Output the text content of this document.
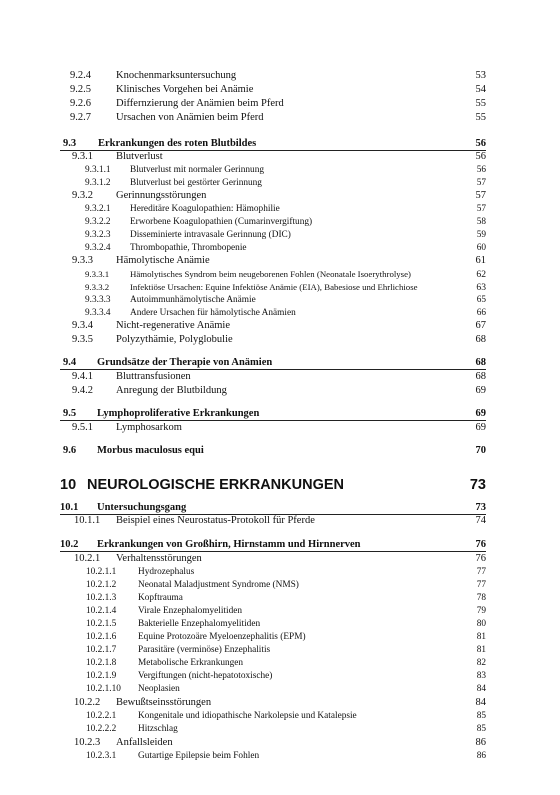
9.2.4 Knochenmarksuntersuchung	53
9.2.5 Klinisches Vorgehen bei Anämie	54
9.2.6 Differnzierung der Anämien beim Pferd	55
9.2.7 Ursachen von Anämien beim Pferd	55
9.3 Erkrankungen des roten Blutbildes	56
9.3.1 Blutverlust	56
9.3.1.1 Blutverlust mit normaler Gerinnung	56
9.3.1.2 Blutverlust bei gestörter Gerinnung	57
9.3.2 Gerinnungsstörungen	57
9.3.2.1 Hereditäre Koagulopathien: Hämophilie	57
9.3.2.2 Erworbene Koagulopathien (Cumarinvergiftung)	58
9.3.2.3 Disseminierte intravasale Gerinnung (DIC)	59
9.3.2.4 Thrombopathie, Thrombopenie	60
9.3.3 Hämolytische Anämie	61
9.3.3.1 Hämolytisches Syndrom beim neugeborenen Fohlen (Neonatale Isoerythrolyse)	62
9.3.3.2 Infektiöse Ursachen: Equine Infektiöse Anämie (EIA), Babesiose und Ehrlichiose	63
9.3.3.3 Autoimmunhämolytische Anämie	65
9.3.3.4 Andere Ursachen für hämolytische Anämien	66
9.3.4 Nicht-regenerative Anämie	67
9.3.5 Polyzythämie, Polyglobulie	68
9.4 Grundsätze der Therapie von Anämien	68
9.4.1 Bluttransfusionen	68
9.4.2 Anregung der Blutbildung	69
9.5 Lymphoproliferative Erkrankungen	69
9.5.1 Lymphosarkom	69
9.6 Morbus maculosus equi	70
10 NEUROLOGISCHE ERKRANKUNGEN	73
10.1 Untersuchungsgang	73
10.1.1 Beispiel eines Neurostatus-Protokoll für Pferde	74
10.2 Erkrankungen von Großhirn, Hirnstamm und Hirnnerven	76
10.2.1 Verhaltensstörungen	76
10.2.1.1 Hydrozephalus	77
10.2.1.2 Neonatal Maladjustment Syndrome (NMS)	77
10.2.1.3 Kopftrauma	78
10.2.1.4 Virale Enzephalomyelitiden	79
10.2.1.5 Bakterielle Enzephalomyelitiden	80
10.2.1.6 Equine Protozoäre Myeloenzephalitis (EPM)	81
10.2.1.7 Parasitäre (verminöse) Enzephalitis	81
10.2.1.8 Metabolische Erkrankungen	82
10.2.1.9 Vergiftungen (nicht-hepatotoxische)	83
10.2.1.10 Neoplasien	84
10.2.2 Bewußtseinsstörungen	84
10.2.2.1 Kongenitale und idiopathische Narkolepsie und Katalepsie	85
10.2.2.2 Hitzschlag	85
10.2.3 Anfallsleiden	86
10.2.3.1 Gutartige Epilepsie beim Fohlen	86
